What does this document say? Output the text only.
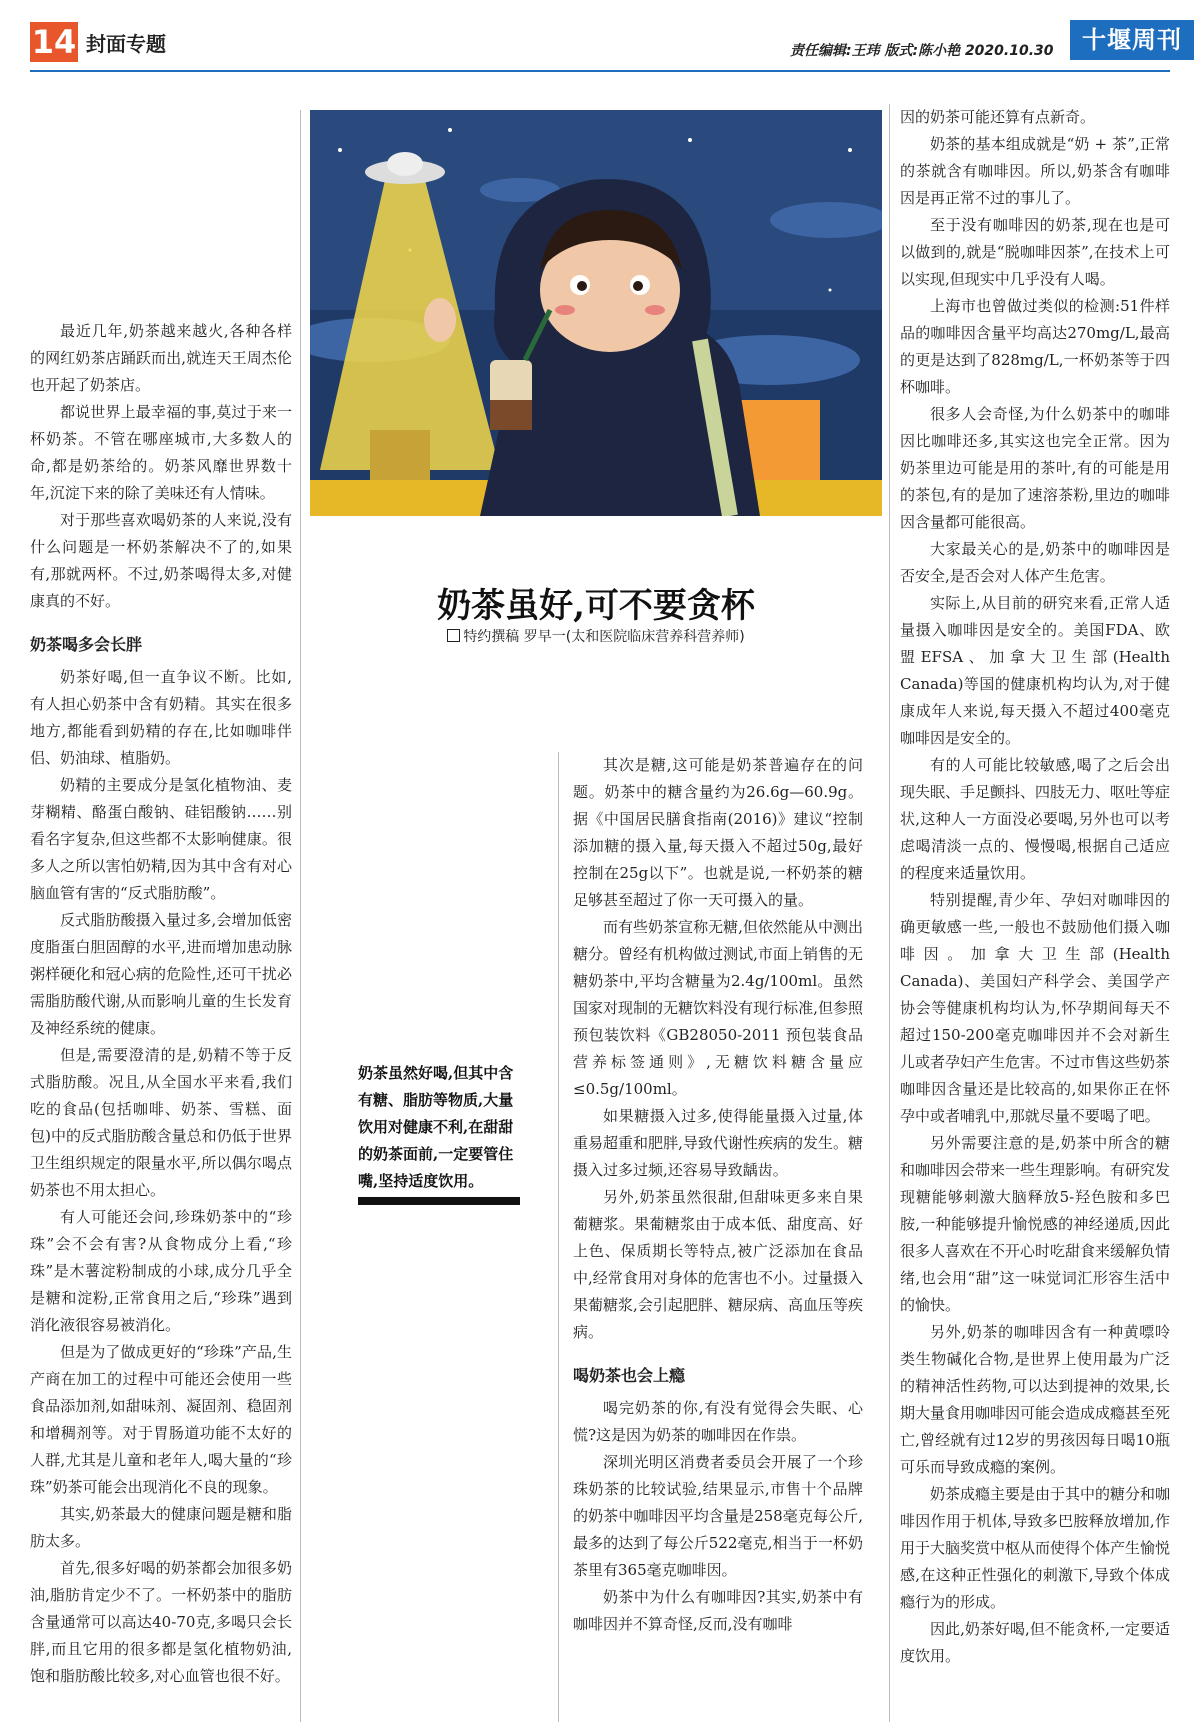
14 封面专题	责任编辑:王玮 版式:陈小艳 2020.10.30	十堰周刊
奶茶虽好,可不要贪杯
特约撰稿 罗早一(太和医院临床营养科营养师)
奶茶虽然好喝,但其中含有糖、脂肪等物质,大量饮用对健康不利,在甜甜的奶茶面前,一定要管住嘴,坚持适度饮用。

最近几年,奶茶越来越火,各种各样的网红奶茶店踊跃而出,就连天王周杰伦也开起了奶茶店。

都说世界上最幸福的事,莫过于来一杯奶茶。不管在哪座城市,大多数人的命,都是奶茶给的。奶茶风靡世界数十年,沉淀下来的除了美味还有人情味。

对于那些喜欢喝奶茶的人来说,没有什么问题是一杯奶茶解决不了的,如果有,那就两杯。不过,奶茶喝得太多,对健康真的不好。

奶茶喝多会长胖

奶茶好喝,但一直争议不断。比如,有人担心奶茶中含有奶精。其实在很多地方,都能看到奶精的存在,比如咖啡伴侣、奶油球、植脂奶。

奶精的主要成分是氢化植物油、麦芽糊精、酪蛋白酸钠、硅铝酸钠……别看名字复杂,但这些都不太影响健康。很多人之所以害怕奶精,因为其中含有对心脑血管有害的“反式脂肪酸”。

反式脂肪酸摄入量过多,会增加低密度脂蛋白胆固醇的水平,进而增加患动脉粥样硬化和冠心病的危险性,还可干扰必需脂肪酸代谢,从而影响儿童的生长发育及神经系统的健康。

但是,需要澄清的是,奶精不等于反式脂肪酸。况且,从全国水平来看,我们吃的食品(包括咖啡、奶茶、雪糕、面包)中的反式脂肪酸含量总和仍低于世界卫生组织规定的限量水平,所以偶尔喝点奶茶也不用太担心。

有人可能还会问,珍珠奶茶中的“珍珠”会不会有害?从食物成分上看,“珍珠”是木薯淀粉制成的小球,成分几乎全是糖和淀粉,正常食用之后,“珍珠”遇到消化液很容易被消化。

但是为了做成更好的“珍珠”产品,生产商在加工的过程中可能还会使用一些食品添加剂,如甜味剂、凝固剂、稳固剂和增稠剂等。对于胃肠道功能不太好的人群,尤其是儿童和老年人,喝大量的“珍珠”奶茶可能会出现消化不良的现象。

其实,奶茶最大的健康问题是糖和脂肪太多。

首先,很多好喝的奶茶都会加很多奶油,脂肪肯定少不了。一杯奶茶中的脂肪含量通常可以高达40-70克,多喝只会长胖,而且它用的很多都是氢化植物奶油,饱和脂肪酸比较多,对心血管也很不好。

其次是糖,这可能是奶茶普遍存在的问题。奶茶中的糖含量约为26.6g—60.9g。据《中国居民膳食指南(2016)》建议“控制添加糖的摄入量,每天摄入不超过50g,最好控制在25g以下”。也就是说,一杯奶茶的糖足够甚至超过了你一天可摄入的量。

而有些奶茶宣称无糖,但依然能从中测出糖分。曾经有机构做过测试,市面上销售的无糖奶茶中,平均含糖量为2.4g/100ml。虽然国家对现制的无糖饮料没有现行标准,但参照预包装饮料《GB28050-2011 预包装食品营养标签通则》,无糖饮料糖含量应≤0.5g/100ml。

如果糖摄入过多,使得能量摄入过量,体重易超重和肥胖,导致代谢性疾病的发生。糖摄入过多过频,还容易导致龋齿。

另外,奶茶虽然很甜,但甜味更多来自果葡糖浆。果葡糖浆由于成本低、甜度高、好上色、保质期长等特点,被广泛添加在食品中,经常食用对身体的危害也不小。过量摄入果葡糖浆,会引起肥胖、糖尿病、高血压等疾病。

喝奶茶也会上瘾

喝完奶茶的你,有没有觉得会失眠、心慌?这是因为奶茶的咖啡因在作祟。

深圳光明区消费者委员会开展了一个珍珠奶茶的比较试验,结果显示,市售十个品牌的奶茶中咖啡因平均含量是258毫克每公斤,最多的达到了每公斤522毫克,相当于一杯奶茶里有365毫克咖啡因。

奶茶中为什么有咖啡因?其实,奶茶中有咖啡因并不算奇怪,反而,没有咖啡

因的奶茶可能还算有点新奇。

奶茶的基本组成就是“奶 + 茶”,正常的茶就含有咖啡因。所以,奶茶含有咖啡因是再正常不过的事儿了。

至于没有咖啡因的奶茶,现在也是可以做到的,就是“脱咖啡因茶”,在技术上可以实现,但现实中几乎没有人喝。

上海市也曾做过类似的检测:51件样品的咖啡因含量平均高达270mg/L,最高的更是达到了828mg/L,一杯奶茶等于四杯咖啡。

很多人会奇怪,为什么奶茶中的咖啡因比咖啡还多,其实这也完全正常。因为奶茶里边可能是用的茶叶,有的可能是用的茶包,有的是加了速溶茶粉,里边的咖啡因含量都可能很高。

大家最关心的是,奶茶中的咖啡因是否安全,是否会对人体产生危害。

实际上,从目前的研究来看,正常人适量摄入咖啡因是安全的。美国FDA、欧盟EFSA、加拿大卫生部(Health Canada)等国的健康机构均认为,对于健康成年人来说,每天摄入不超过400毫克咖啡因是安全的。

有的人可能比较敏感,喝了之后会出现失眠、手足颤抖、四肢无力、呕吐等症状,这种人一方面没必要喝,另外也可以考虑喝清淡一点的、慢慢喝,根据自己适应的程度来适量饮用。

特别提醒,青少年、孕妇对咖啡因的确更敏感一些,一般也不鼓励他们摄入咖啡因。加拿大卫生部(Health Canada)、美国妇产科学会、美国学产协会等健康机构均认为,怀孕期间每天不超过150-200毫克咖啡因并不会对新生儿或者孕妇产生危害。不过市售这些奶茶咖啡因含量还是比较高的,如果你正在怀孕中或者哺乳中,那就尽量不要喝了吧。

另外需要注意的是,奶茶中所含的糖和咖啡因会带来一些生理影响。有研究发现糖能够刺激大脑释放5-羟色胺和多巴胺,一种能够提升愉悦感的神经递质,因此很多人喜欢在不开心时吃甜食来缓解负情绪,也会用“甜”这一味觉词汇形容生活中的愉快。

另外,奶茶的咖啡因含有一种黄嘌呤类生物碱化合物,是世界上使用最为广泛的精神活性药物,可以达到提神的效果,长期大量食用咖啡因可能会造成成瘾甚至死亡,曾经就有过12岁的男孩因每日喝10瓶可乐而导致成瘾的案例。

奶茶成瘾主要是由于其中的糖分和咖啡因作用于机体,导致多巴胺释放增加,作用于大脑奖赏中枢从而使得个体产生愉悦感,在这种正性强化的刺激下,导致个体成瘾行为的形成。

因此,奶茶好喝,但不能贪杯,一定要适度饮用。
